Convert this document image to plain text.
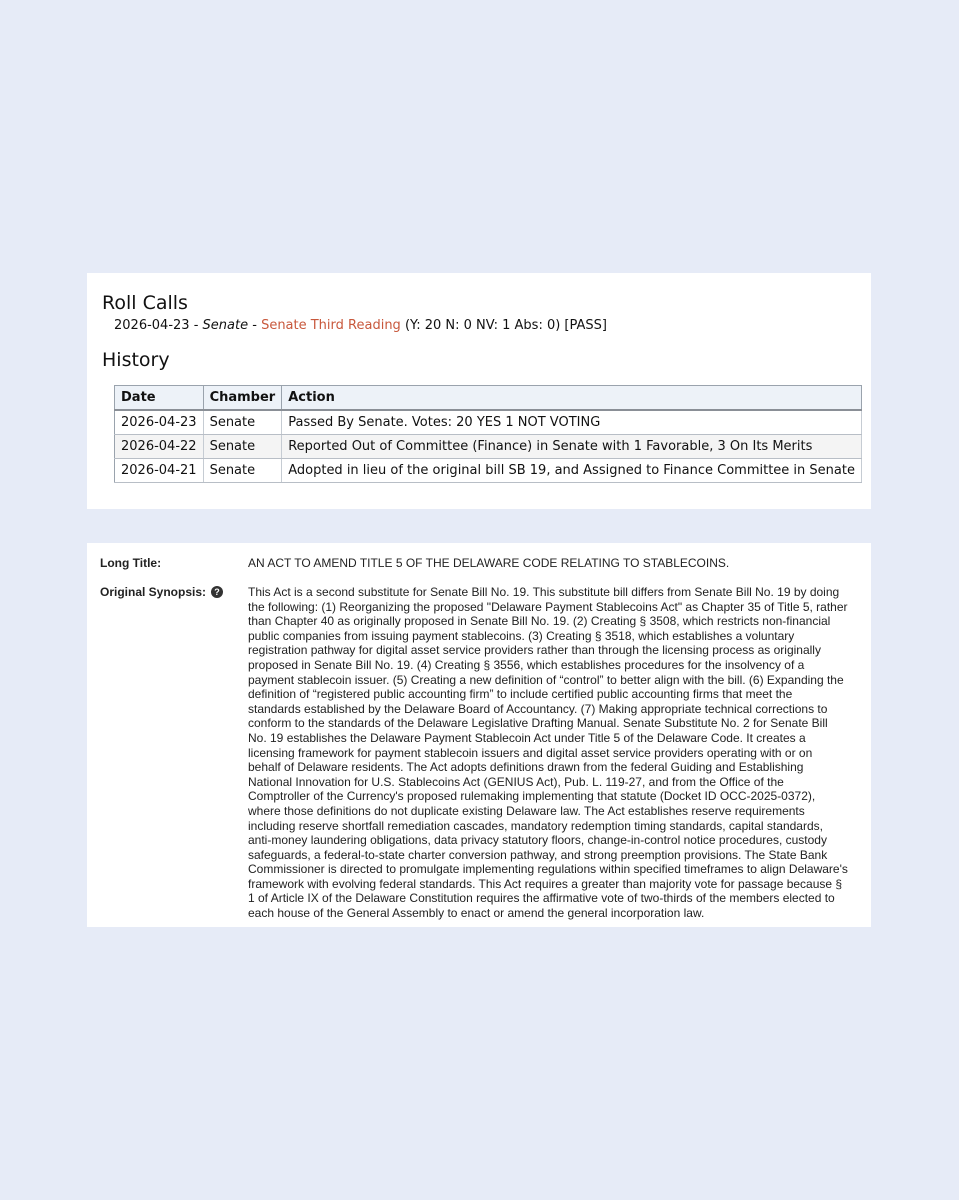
Roll Calls
2026-04-23 - Senate - Senate Third Reading (Y: 20 N: 0 NV: 1 Abs: 0) [PASS]
History
Date	Chamber	Action
2026-04-23	Senate	Passed By Senate. Votes: 20 YES 1 NOT VOTING
2026-04-22	Senate	Reported Out of Committee (Finance) in Senate with 1 Favorable, 3 On Its Merits
2026-04-21	Senate	Adopted in lieu of the original bill SB 19, and Assigned to Finance Committee in Senate
Long Title:	AN ACT TO AMEND TITLE 5 OF THE DELAWARE CODE RELATING TO STABLECOINS.
Original Synopsis: ? This Act is a second substitute for Senate Bill No. 19. This substitute bill differs from Senate Bill No. 19 by doing the following: (1) Reorganizing the proposed "Delaware Payment Stablecoins Act" as Chapter 35 of Title 5, rather than Chapter 40 as originally proposed in Senate Bill No. 19. (2) Creating § 3508, which restricts non-financial public companies from issuing payment stablecoins. (3) Creating § 3518, which establishes a voluntary registration pathway for digital asset service providers rather than through the licensing process as originally proposed in Senate Bill No. 19. (4) Creating § 3556, which establishes procedures for the insolvency of a payment stablecoin issuer. (5) Creating a new definition of “control” to better align with the bill. (6) Expanding the definition of “registered public accounting firm” to include certified public accounting firms that meet the standards established by the Delaware Board of Accountancy. (7) Making appropriate technical corrections to conform to the standards of the Delaware Legislative Drafting Manual. Senate Substitute No. 2 for Senate Bill No. 19 establishes the Delaware Payment Stablecoin Act under Title 5 of the Delaware Code. It creates a licensing framework for payment stablecoin issuers and digital asset service providers operating with or on behalf of Delaware residents. The Act adopts definitions drawn from the federal Guiding and Establishing National Innovation for U.S. Stablecoins Act (GENIUS Act), Pub. L. 119-27, and from the Office of the Comptroller of the Currency's proposed rulemaking implementing that statute (Docket ID OCC-2025-0372), where those definitions do not duplicate existing Delaware law. The Act establishes reserve requirements including reserve shortfall remediation cascades, mandatory redemption timing standards, capital standards, anti-money laundering obligations, data privacy statutory floors, change-in-control notice procedures, custody safeguards, a federal-to-state charter conversion pathway, and strong preemption provisions. The State Bank Commissioner is directed to promulgate implementing regulations within specified timeframes to align Delaware's framework with evolving federal standards. This Act requires a greater than majority vote for passage because § 1 of Article IX of the Delaware Constitution requires the affirmative vote of two-thirds of the members elected to each house of the General Assembly to enact or amend the general incorporation law.
